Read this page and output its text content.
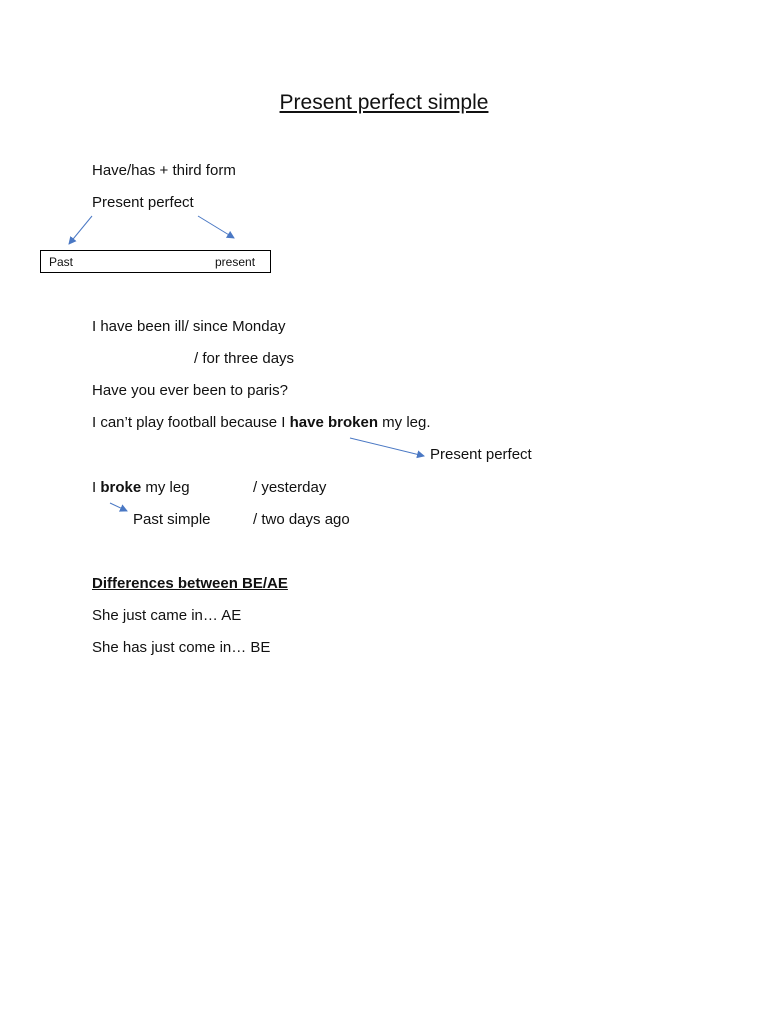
Present perfect simple
Have/has + third form
Present perfect
Past	present
I have been ill/ since Monday
/ for three days
Have you ever been to paris?
I can’t play football because I have broken my leg.
Present perfect
I broke my leg	/ yesterday
Past simple	/ two days ago
Differences between BE/AE
She just came in… AE
She has just come in… BE
